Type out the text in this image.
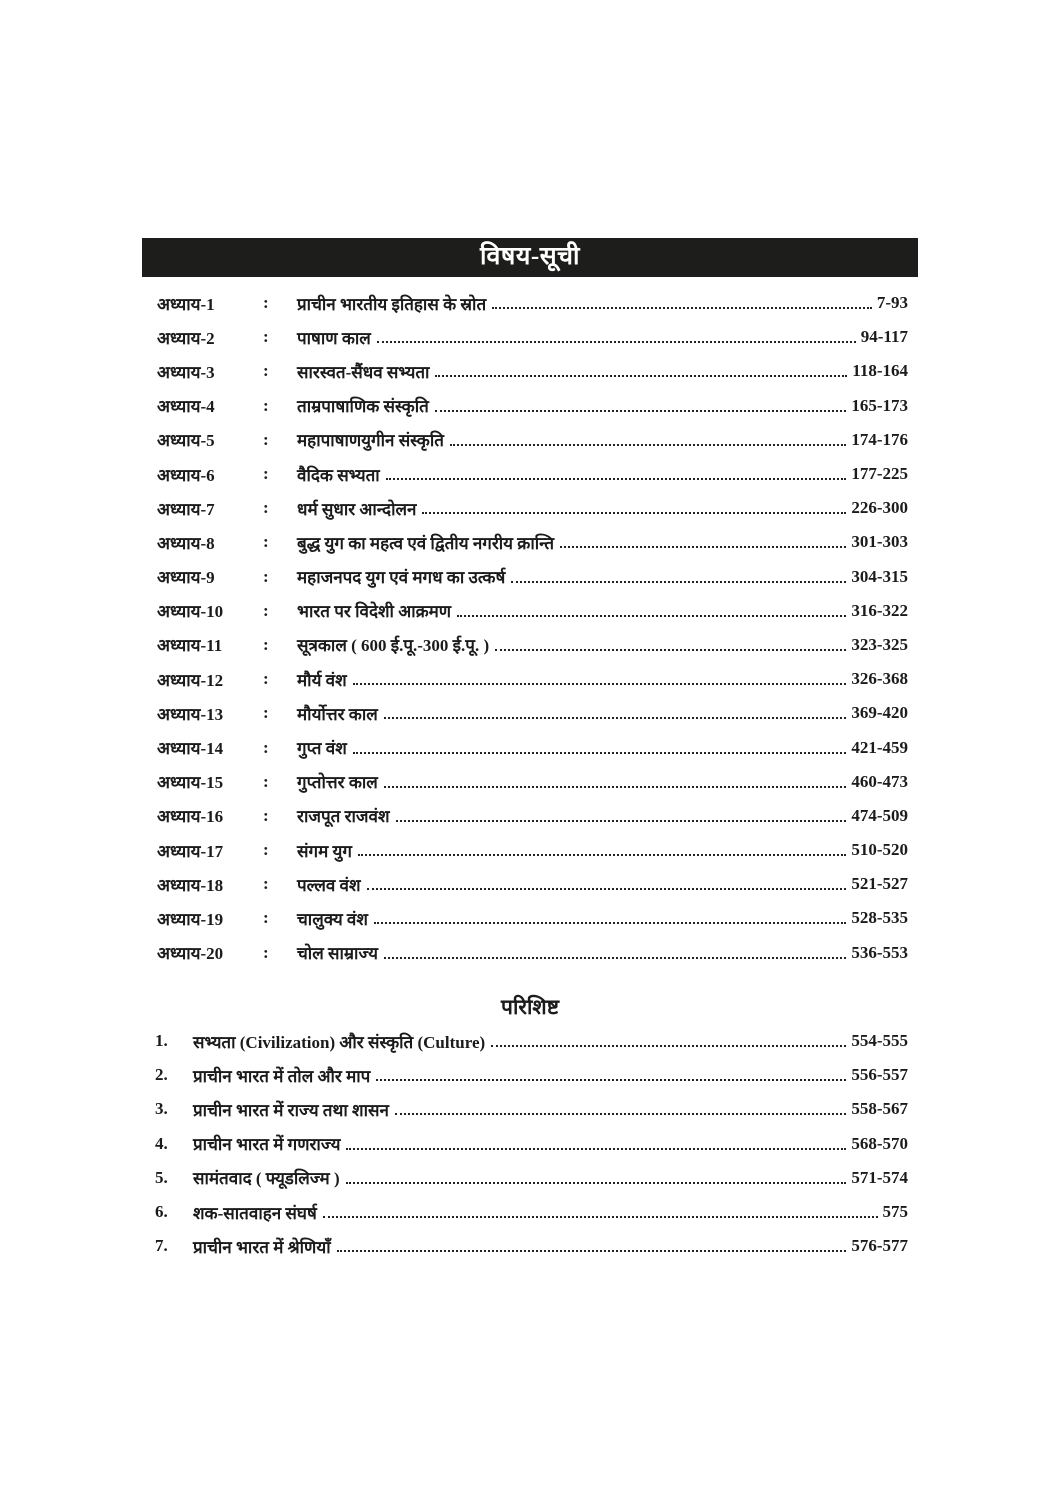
विषय-सूची
अध्याय-1	:	प्राचीन भारतीय इतिहास के स्रोत	7-93
अध्याय-2	:	पाषाण काल	94-117
अध्याय-3	:	सारस्वत-सैंधव सभ्यता	118-164
अध्याय-4	:	ताम्रपाषाणिक संस्कृति	165-173
अध्याय-5	:	महापाषाणयुगीन संस्कृति	174-176
अध्याय-6	:	वैदिक सभ्यता	177-225
अध्याय-7	:	धर्म सुधार आन्दोलन	226-300
अध्याय-8	:	बुद्ध युग का महत्व एवं द्वितीय नगरीय क्रान्ति	301-303
अध्याय-9	:	महाजनपद युग एवं मगध का उत्कर्ष	304-315
अध्याय-10	:	भारत पर विदेशी आक्रमण	316-322
अध्याय-11	:	सूत्रकाल ( 600 ई.पू.-300 ई.पू. )	323-325
अध्याय-12	:	मौर्य वंश	326-368
अध्याय-13	:	मौर्योत्तर काल	369-420
अध्याय-14	:	गुप्त वंश	421-459
अध्याय-15	:	गुप्तोत्तर काल	460-473
अध्याय-16	:	राजपूत राजवंश	474-509
अध्याय-17	:	संगम युग	510-520
अध्याय-18	:	पल्लव वंश	521-527
अध्याय-19	:	चालुक्य वंश	528-535
अध्याय-20	:	चोल साम्राज्य	536-553
परिशिष्ट
1.	सभ्यता (Civilization) और संस्कृति (Culture)	554-555
2.	प्राचीन भारत में तोल और माप	556-557
3.	प्राचीन भारत में राज्य तथा शासन	558-567
4.	प्राचीन भारत में गणराज्य	568-570
5.	सामंतवाद ( फ्यूडलिज्म )	571-574
6.	शक-सातवाहन संघर्ष	575
7.	प्राचीन भारत में श्रेणियाँ	576-577
